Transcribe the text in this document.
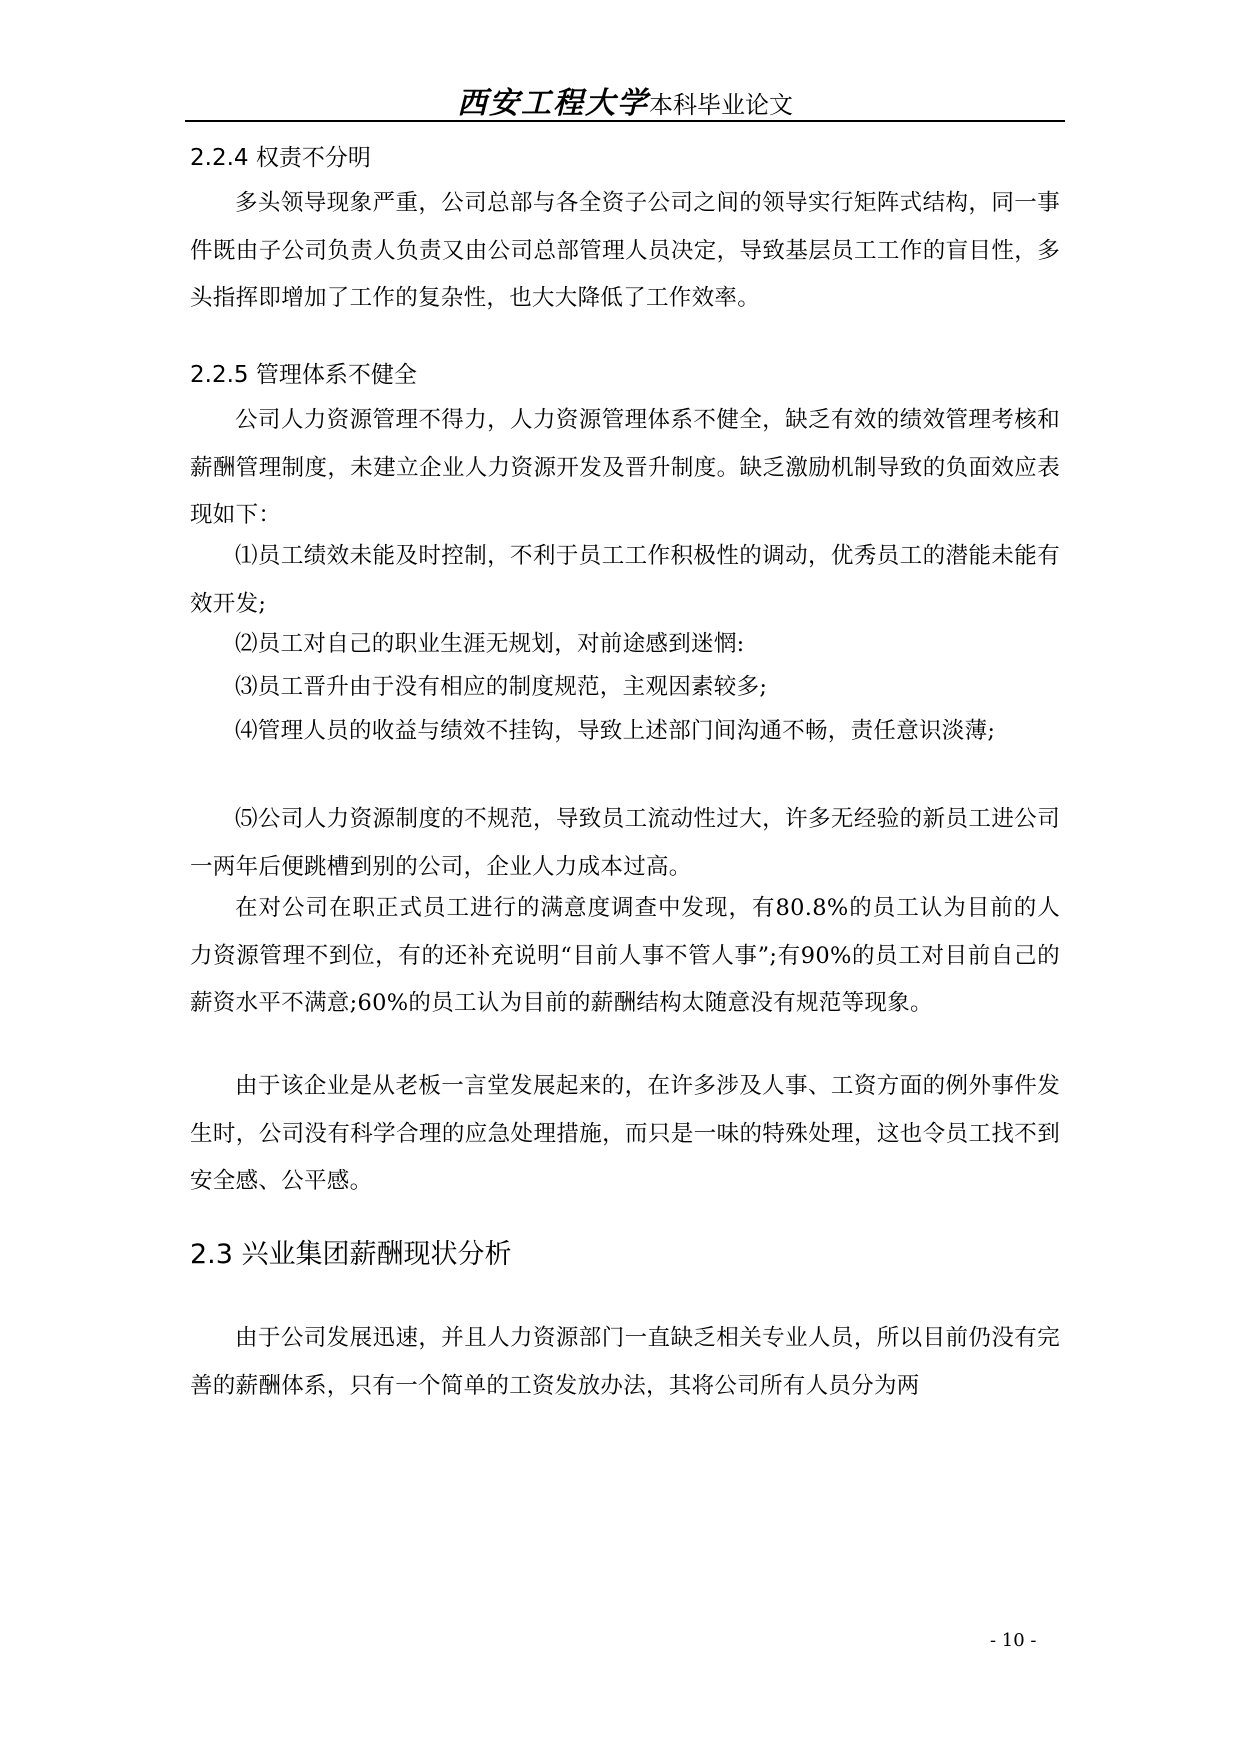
西安工程大学本科毕业论文
2.2.4 权责不分明
多头领导现象严重，公司总部与各全资子公司之间的领导实行矩阵式结构，同一事件既由子公司负责人负责又由公司总部管理人员决定，导致基层员工工作的盲目性，多头指挥即增加了工作的复杂性，也大大降低了工作效率。
2.2.5 管理体系不健全
公司人力资源管理不得力，人力资源管理体系不健全，缺乏有效的绩效管理考核和薪酬管理制度，未建立企业人力资源开发及晋升制度。缺乏激励机制导致的负面效应表现如下：
⑴员工绩效未能及时控制，不利于员工工作积极性的调动，优秀员工的潜能未能有效开发;
⑵员工对自己的职业生涯无规划，对前途感到迷惘:
⑶员工晋升由于没有相应的制度规范，主观因素较多;
⑷管理人员的收益与绩效不挂钩，导致上述部门间沟通不畅，责任意识淡薄;
⑸公司人力资源制度的不规范，导致员工流动性过大，许多无经验的新员工进公司一两年后便跳槽到别的公司，企业人力成本过高。
在对公司在职正式员工进行的满意度调查中发现，有80.8%的员工认为目前的人力资源管理不到位，有的还补充说明“目前人事不管人事”;有90%的员工对目前自己的薪资水平不满意;60%的员工认为目前的薪酬结构太随意没有规范等现象。
由于该企业是从老板一言堂发展起来的，在许多涉及人事、工资方面的例外事件发生时，公司没有科学合理的应急处理措施，而只是一味的特殊处理，这也令员工找不到安全感、公平感。
2.3 兴业集团薪酬现状分析
由于公司发展迅速，并且人力资源部门一直缺乏相关专业人员，所以目前仍没有完善的薪酬体系，只有一个简单的工资发放办法，其将公司所有人员分为两
- 10 -
